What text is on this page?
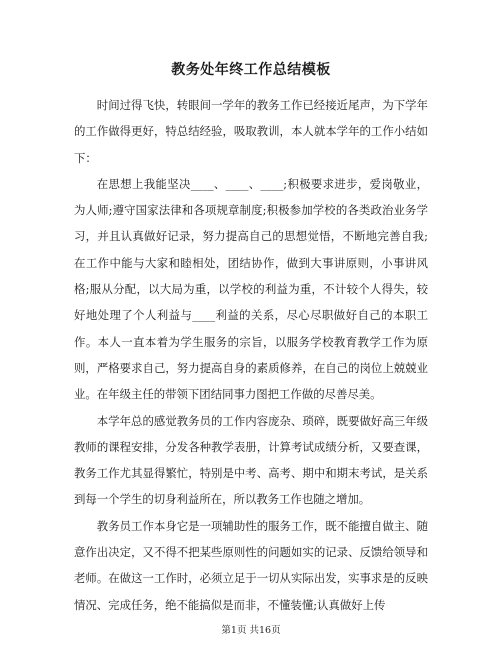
教务处年终工作总结模板

时间过得飞快，转眼间一学年的教务工作已经接近尾声，为下学年的工作做得更好，特总结经验，吸取教训，本人就本学年的工作小结如下：

在思想上我能坚决____、____、____;积极要求进步，爱岗敬业，为人师;遵守国家法律和各项规章制度;积极参加学校的各类政治业务学习，并且认真做好记录，努力提高自己的思想觉悟，不断地完善自我;在工作中能与大家和睦相处，团结协作，做到大事讲原则，小事讲风格;服从分配，以大局为重，以学校的利益为重，不计较个人得失，较好地处理了个人利益与____利益的关系，尽心尽职做好自己的本职工作。本人一直本着为学生服务的宗旨，以服务学校教育教学工作为原则，严格要求自己，努力提高自身的素质修养，在自己的岗位上兢兢业业。在年级主任的带领下团结同事力图把工作做的尽善尽美。

本学年总的感觉教务员的工作内容庞杂、琐碎，既要做好高三年级教师的课程安排，分发各种教学表册，计算考试成绩分析，又要查课，教务工作尤其显得繁忙，特别是中考、高考、期中和期末考试，是关系到每一个学生的切身利益所在，所以教务工作也随之增加。

教务员工作本身它是一项辅助性的服务工作，既不能擅自做主、随意作出决定，又不得不把某些原则性的问题如实的记录、反馈给领导和老师。在做这一工作时，必须立足于一切从实际出发，实事求是的反映情况、完成任务，绝不能搞似是而非，不懂装懂;认真做好上传

第1页 共16页
